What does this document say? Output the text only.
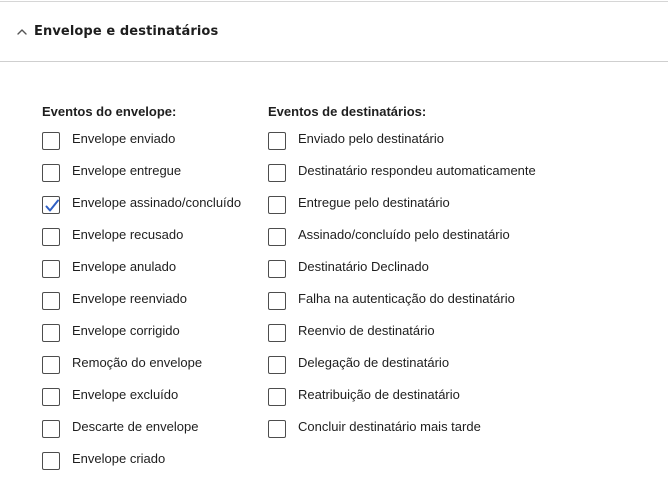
Envelope e destinatários
Eventos do envelope:
Envelope enviado
Envelope entregue
Envelope assinado/concluído
Envelope recusado
Envelope anulado
Envelope reenviado
Envelope corrigido
Remoção do envelope
Envelope excluído
Descarte de envelope
Envelope criado
Eventos de destinatários:
Enviado pelo destinatário
Destinatário respondeu automaticamente
Entregue pelo destinatário
Assinado/concluído pelo destinatário
Destinatário Declinado
Falha na autenticação do destinatário
Reenvio de destinatário
Delegação de destinatário
Reatribuição de destinatário
Concluir destinatário mais tarde
